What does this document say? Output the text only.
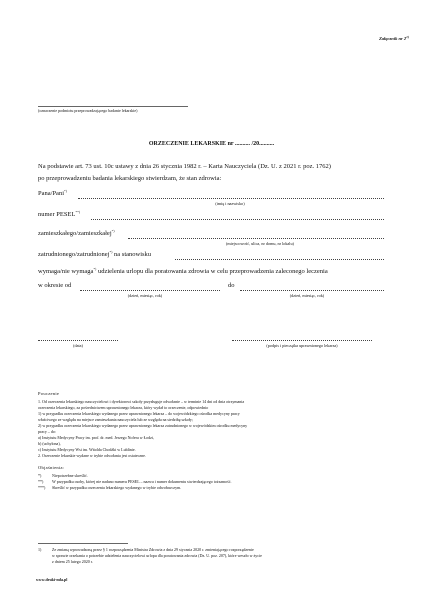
Załącznik nr 2$^{1)}$
(oznaczenie podmiotu przeprowadzającego badanie lekarskie)
ORZECZENIE LEKARSKIE nr .......... /20..........
Na podstawie art. 73 ust. 10c ustawy z dnia 26 stycznia 1982 r. – Karta Nauczyciela (Dz. U. z 2021 r. poz. 1762)
po przeprowadzeniu badania lekarskiego stwierdzam, że stan zdrowia:
Pana/Pani*)
(imię i nazwisko)
numer PESEL**)
zamieszkałego/zamieszkałej*)
(miejscowość, ulica, nr domu, nr lokalu)
zatrudnionego/zatrudnionej*) na stanowisku
wymaga/nie wymaga*) udzielenia urlopu dla poratowania zdrowia w celu przeprowadzenia zaleconego leczenia
w okresie od	do
(dzień, miesiąc, rok)	(dzień, miesiąc, rok)
(data)	(podpis i pieczątka uprawnionego lekarza)
Pouczenie
1. Od orzeczenia lekarskiego nauczycielowi i dyrektorowi szkoły przysługuje odwołanie – w terminie 14 dni od dnia otrzymania
orzeczenia lekarskiego, za pośrednictwem uprawnionego lekarza, który wydał to orzeczenie, odpowiednio
1) w przypadku orzeczenia lekarskiego wydanego przez uprawnionego lekarza – do wojewódzkiego ośrodka medycyny pracy
właściwego ze względu na miejsce zamieszkania nauczyciela lub ze względu na siedzibę szkoły;
2) w przypadku orzeczenia lekarskiego wydanego przez uprawnionego lekarza zatrudnionego w wojewódzkim ośrodku medycyny
pracy – do:
a) Instytutu Medycyny Pracy im. prof. dr. med. Jerzego Nofera w Łodzi,
b) (uchylona),
c) Instytutu Medycyny Wsi im. Witolda Chodźki w Lublinie.
2. Orzeczenie lekarskie wydane w trybie odwołania jest ostateczne.
Objaśnienia:
*)	Niepotrzebne skreślić.
**) W przypadku osoby, której nie nadano numeru PESEL – nazwa i numer dokumentu stwierdzającego tożsamość.
***) Skreślić w przypadku orzeczenia lekarskiego wydanego w trybie odwoławczym.
1)	Ze zmianą wprowadzoną przez § 1 rozporządzenia Ministra Zdrowia z dnia 29 stycznia 2020 r. zmieniającego rozporządzenie
w sprawie orzekania o potrzebie udzielenia nauczycielowi urlopu dla poratowania zdrowia (Dz. U. poz. 207), które weszło w życie
z dniem 25 lutego 2020 r.
www.druki-mfa.pl
